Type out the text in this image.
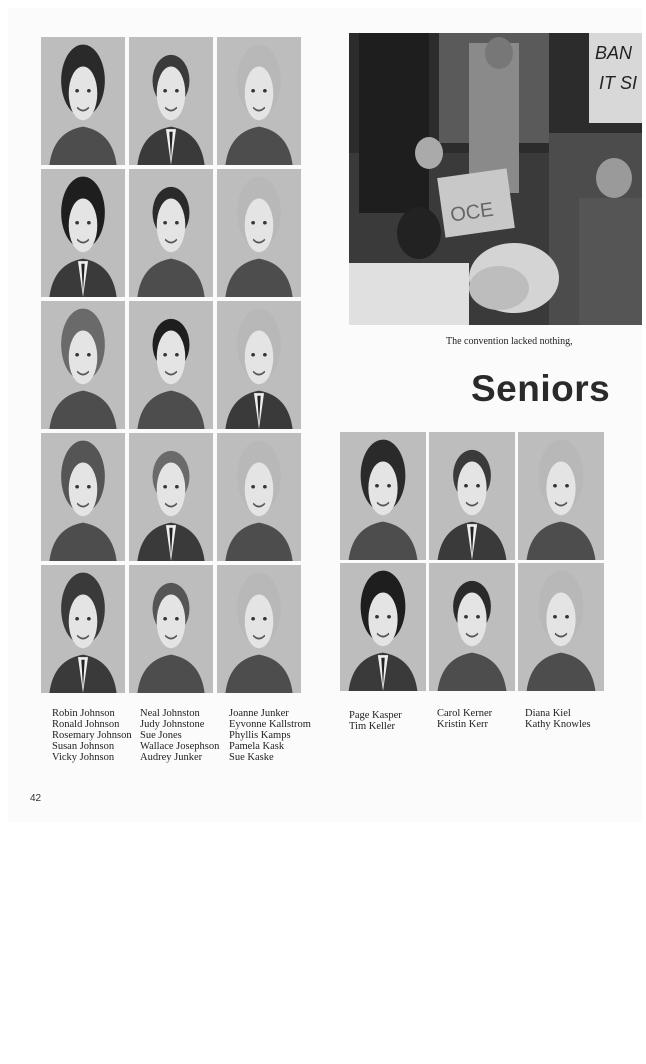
BAN
IT SI
OCE
The convention lacked nothing,
Seniors
Robin Johnson
Ronald Johnson
Rosemary Johnson
Susan Johnson
Vicky Johnson
Neal Johnston
Judy Johnstone
Sue Jones
Wallace Josephson
Audrey Junker
Joanne Junker
Eyvonne Kallstrom
Phyllis Kamps
Pamela Kask
Sue Kaske
Page Kasper
Tim Keller
Carol Kerner
Kristin Kerr
Diana Kiel
Kathy Knowles
42
